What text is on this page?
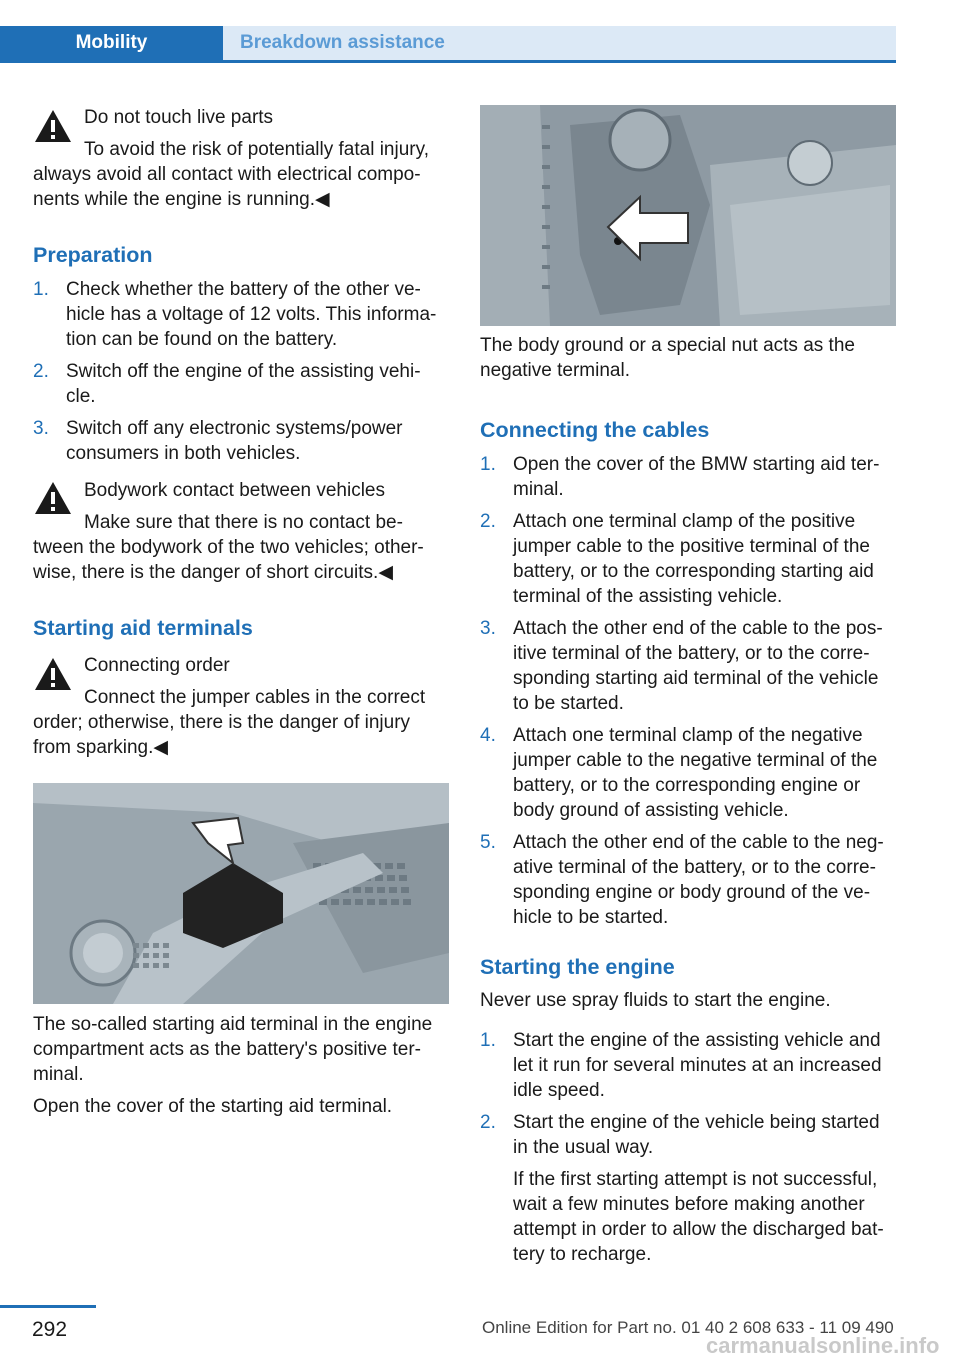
Mobility	Breakdown assistance
Do not touch live parts
To avoid the risk of potentially fatal injury,
always avoid all contact with electrical compo-
nents while the engine is running.◀
Preparation
1. Check whether the battery of the other ve-
hicle has a voltage of 12 volts. This informa-
tion can be found on the battery.
2. Switch off the engine of the assisting vehi-
cle.
3. Switch off any electronic systems/power
consumers in both vehicles.
Bodywork contact between vehicles
Make sure that there is no contact be-
tween the bodywork of the two vehicles; other-
wise, there is the danger of short circuits.◀
Starting aid terminals
Connecting order
Connect the jumper cables in the correct
order; otherwise, there is the danger of injury
from sparking.◀
The so-called starting aid terminal in the engine
compartment acts as the battery's positive ter-
minal.
Open the cover of the starting aid terminal.
The body ground or a special nut acts as the
negative terminal.
Connecting the cables
1. Open the cover of the BMW starting aid ter-
minal.
2. Attach one terminal clamp of the positive
jumper cable to the positive terminal of the
battery, or to the corresponding starting aid
terminal of the assisting vehicle.
3. Attach the other end of the cable to the pos-
itive terminal of the battery, or to the corre-
sponding starting aid terminal of the vehicle
to be started.
4. Attach one terminal clamp of the negative
jumper cable to the negative terminal of the
battery, or to the corresponding engine or
body ground of assisting vehicle.
5. Attach the other end of the cable to the neg-
ative terminal of the battery, or to the corre-
sponding engine or body ground of the ve-
hicle to be started.
Starting the engine
Never use spray fluids to start the engine.
1. Start the engine of the assisting vehicle and
let it run for several minutes at an increased
idle speed.
2. Start the engine of the vehicle being started
in the usual way.
If the first starting attempt is not successful,
wait a few minutes before making another
attempt in order to allow the discharged bat-
tery to recharge.
292	Online Edition for Part no. 01 40 2 608 633 - 11 09 490
carmanualsonline.info
